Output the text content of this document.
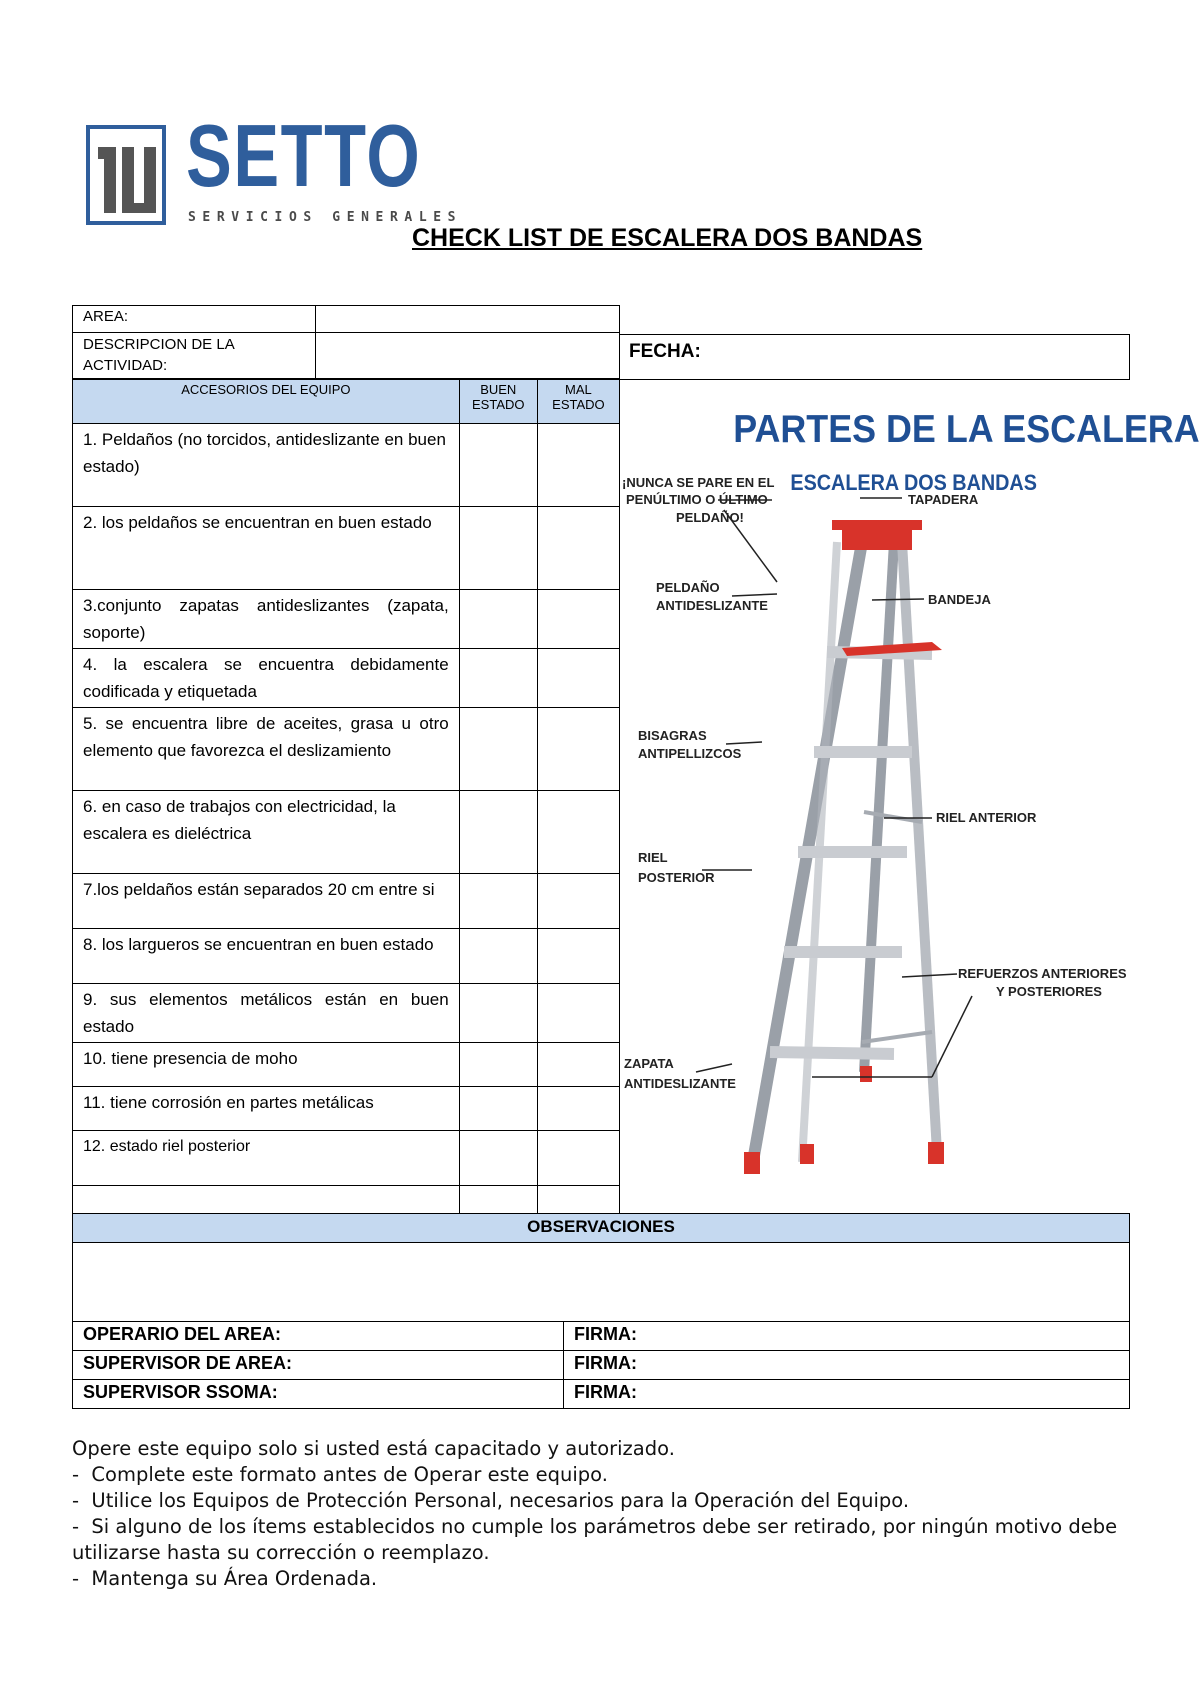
SETTO
SERVICIOS GENERALES
CHECK LIST DE ESCALERA DOS BANDAS
AREA:	
DESCRIPCION DE LA ACTIVIDAD:	
FECHA:
ACCESORIOS DEL EQUIPO	BUEN ESTADO	MAL ESTADO
1. Peldaños (no torcidos, antideslizante en buen estado)		
2. los peldaños se encuentran en buen estado		
3.conjunto zapatas antideslizantes (zapata, soporte)		
4. la escalera se encuentra debidamente codificada y etiquetada		
5. se encuentra libre de aceites, grasa u otro elemento que favorezca el deslizamiento		
6. en caso de trabajos con electricidad, la escalera es dieléctrica		
7.los peldaños están separados 20 cm entre si		
8. los largueros se encuentran en buen estado		
9. sus elementos metálicos están en buen estado		
10. tiene presencia de moho		
11. tiene corrosión en partes metálicas		
12. estado riel posterior		

PARTES DE LA ESCALERA
ESCALERA DOS BANDAS
¡NUNCA SE PARE EN EL
PENÚLTIMO O ÚLTIMO
PELDAÑO!
TAPADERA
PELDAÑO
ANTIDESLIZANTE	BANDEJA
BISAGRAS
ANTIPELLIZCOS
RIEL ANTERIOR
RIEL
POSTERIOR
REFUERZOS ANTERIORES
Y POSTERIORES
ZAPATA
ANTIDESLIZANTE
OBSERVACIONES

OPERARIO DEL AREA:	FIRMA:
SUPERVISOR DE AREA:	FIRMA:
SUPERVISOR SSOMA:	FIRMA:
Opere este equipo solo si usted está capacitado y autorizado.
-  Complete este formato antes de Operar este equipo.
-  Utilice los Equipos de Protección Personal, necesarios para la Operación del Equipo.
-  Si alguno de los ítems establecidos no cumple los parámetros debe ser retirado, por ningún motivo debe utilizarse hasta su corrección o reemplazo.
-  Mantenga su Área Ordenada.
